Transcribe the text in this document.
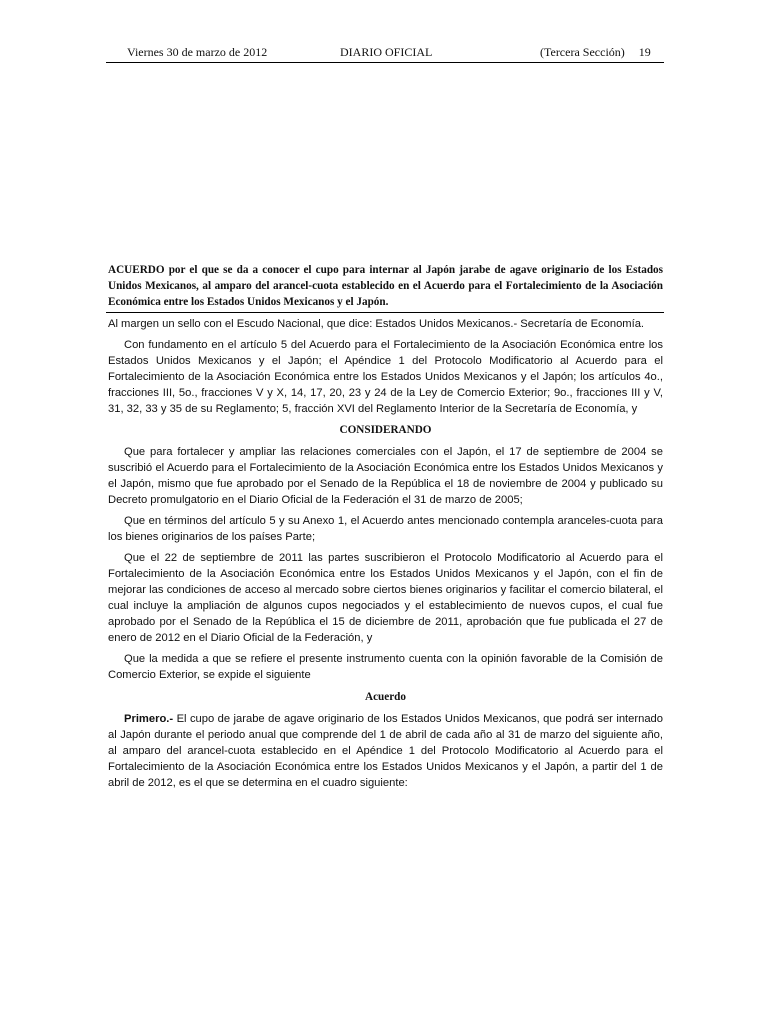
Viernes 30 de marzo de 2012	DIARIO OFICIAL	(Tercera Sección) 19
ACUERDO por el que se da a conocer el cupo para internar al Japón jarabe de agave originario de los Estados Unidos Mexicanos, al amparo del arancel-cuota establecido en el Acuerdo para el Fortalecimiento de la Asociación Económica entre los Estados Unidos Mexicanos y el Japón.

Al margen un sello con el Escudo Nacional, que dice: Estados Unidos Mexicanos.- Secretaría de Economía.

Con fundamento en el artículo 5 del Acuerdo para el Fortalecimiento de la Asociación Económica entre los Estados Unidos Mexicanos y el Japón; el Apéndice 1 del Protocolo Modificatorio al Acuerdo para el Fortalecimiento de la Asociación Económica entre los Estados Unidos Mexicanos y el Japón; los artículos 4o., fracciones III, 5o., fracciones V y X, 14, 17, 20, 23 y 24 de la Ley de Comercio Exterior; 9o., fracciones III y V, 31, 32, 33 y 35 de su Reglamento; 5, fracción XVI del Reglamento Interior de la Secretaría de Economía, y

CONSIDERANDO

Que para fortalecer y ampliar las relaciones comerciales con el Japón, el 17 de septiembre de 2004 se suscribió el Acuerdo para el Fortalecimiento de la Asociación Económica entre los Estados Unidos Mexicanos y el Japón, mismo que fue aprobado por el Senado de la República el 18 de noviembre de 2004 y publicado su Decreto promulgatorio en el Diario Oficial de la Federación el 31 de marzo de 2005;

Que en términos del artículo 5 y su Anexo 1, el Acuerdo antes mencionado contempla aranceles-cuota para los bienes originarios de los países Parte;

Que el 22 de septiembre de 2011 las partes suscribieron el Protocolo Modificatorio al Acuerdo para el Fortalecimiento de la Asociación Económica entre los Estados Unidos Mexicanos y el Japón, con el fin de mejorar las condiciones de acceso al mercado sobre ciertos bienes originarios y facilitar el comercio bilateral, el cual incluye la ampliación de algunos cupos negociados y el establecimiento de nuevos cupos, el cual fue aprobado por el Senado de la República el 15 de diciembre de 2011, aprobación que fue publicada el 27 de enero de 2012 en el Diario Oficial de la Federación, y

Que la medida a que se refiere el presente instrumento cuenta con la opinión favorable de la Comisión de Comercio Exterior, se expide el siguiente

Acuerdo

Primero.- El cupo de jarabe de agave originario de los Estados Unidos Mexicanos, que podrá ser internado al Japón durante el periodo anual que comprende del 1 de abril de cada año al 31 de marzo del siguiente año, al amparo del arancel-cuota establecido en el Apéndice 1 del Protocolo Modificatorio al Acuerdo para el Fortalecimiento de la Asociación Económica entre los Estados Unidos Mexicanos y el Japón, a partir del 1 de abril de 2012, es el que se determina en el cuadro siguiente:
